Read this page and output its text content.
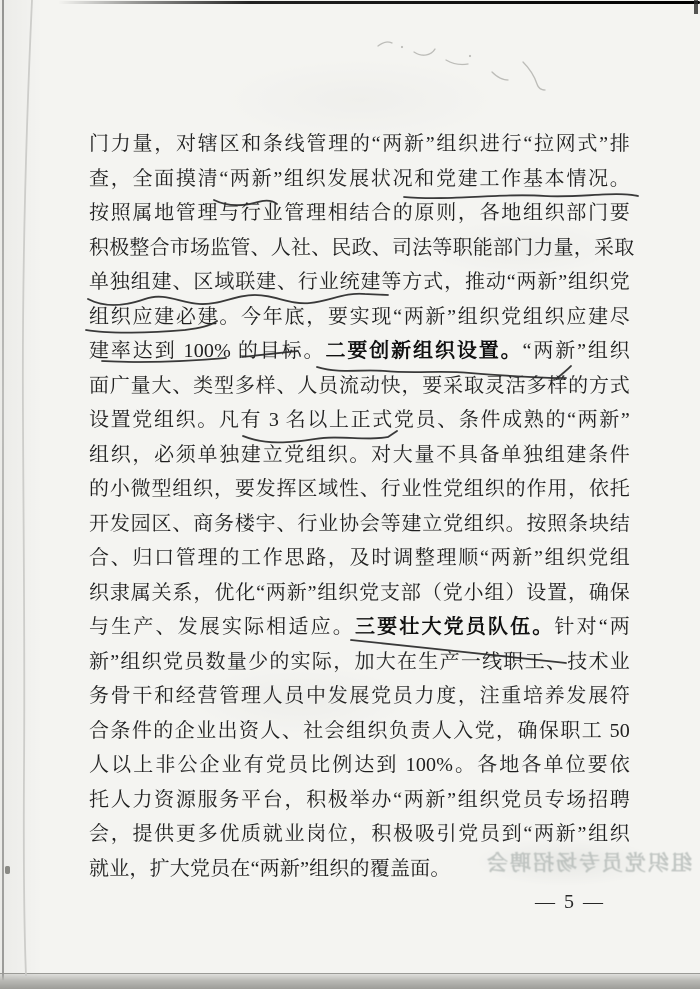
门力量，对辖区和条线管理的“两新”组织进行“拉网式”排
查，全面摸清“两新”组织发展状况和党建工作基本情况。
按照属地管理与行业管理相结合的原则，各地组织部门要
积极整合市场监管、人社、民政、司法等职能部门力量，采取
单独组建、区域联建、行业统建等方式，推动“两新”组织党
组织应建必建。今年底，要实现“两新”组织党组织应建尽
建率达到 100% 的目标。二要创新组织设置。“两新”组织
面广量大、类型多样、人员流动快，要采取灵活多样的方式
设置党组织。凡有 3 名以上正式党员、条件成熟的“两新”
组织，必须单独建立党组织。对大量不具备单独组建条件
的小微型组织，要发挥区域性、行业性党组织的作用，依托
开发园区、商务楼宇、行业协会等建立党组织。按照条块结
合、归口管理的工作思路，及时调整理顺“两新”组织党组
织隶属关系，优化“两新”组织党支部（党小组）设置，确保
与生产、发展实际相适应。三要壮大党员队伍。针对“两
新”组织党员数量少的实际，加大在生产一线职工、技术业
务骨干和经营管理人员中发展党员力度，注重培养发展符
合条件的企业出资人、社会组织负责人入党，确保职工 50
人以上非公企业有党员比例达到 100%。各地各单位要依
托人力资源服务平台，积极举办“两新”组织党员专场招聘
会，提供更多优质就业岗位，积极吸引党员到“两新”组织
就业，扩大党员在“两新”组织的覆盖面。	组织党员专场招聘会
— 5 —
